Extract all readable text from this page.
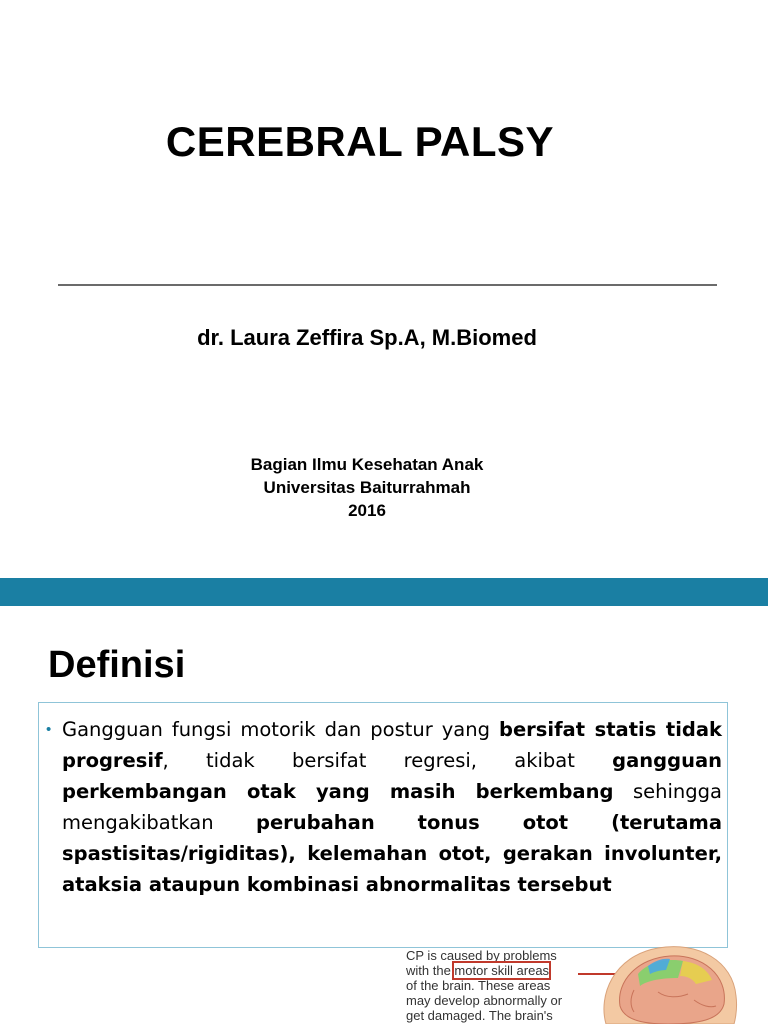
CEREBRAL PALSY
dr. Laura Zeffira Sp.A, M.Biomed
Bagian Ilmu Kesehatan Anak
Universitas Baiturrahmah
2016
Definisi
• Gangguan fungsi motorik dan postur yang bersifat statis tidak progresif, tidak bersifat regresi, akibat gangguan perkembangan otak yang masih berkembang sehingga mengakibatkan perubahan tonus otot (terutama spastisitas/rigiditas), kelemahan otot, gerakan involunter, ataksia ataupun kombinasi abnormalitas tersebut
CP is caused by problems
with the motor skill areas
of the brain. These areas
may develop abnormally or
get damaged. The brain's
